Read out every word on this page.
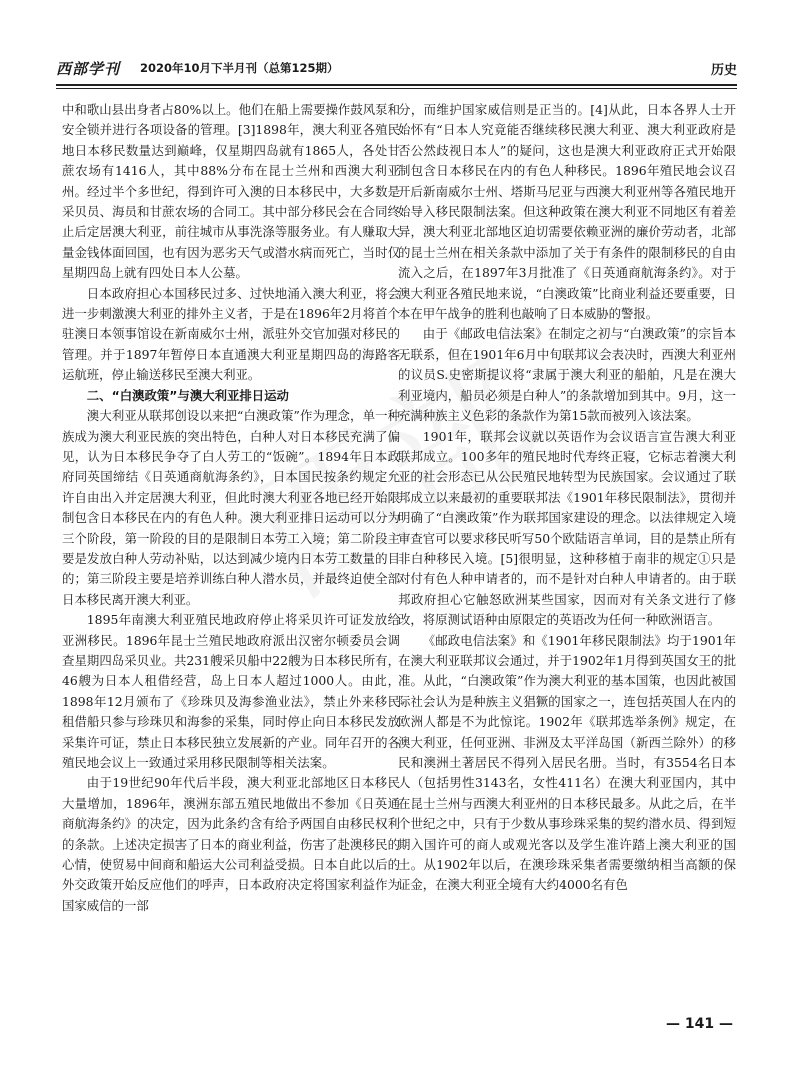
西部学刊 2020年10月下半月刊（总第125期）	历史

中和歌山县出身者占80%以上。他们在船上需要操作鼓风泵和安全锁并进行各项设备的管理。[3]1898年，澳大利亚各殖民地日本移民数量达到巅峰，仅星期四岛就有1865人，各处甘蔗农场有1416人，其中88%分布在昆士兰州和西澳大利亚州。经过半个多世纪，得到许可入澳的日本移民中，大多数是采贝员、海员和甘蔗农场的合同工。其中部分移民会在合同终止后定居澳大利亚，前往城市从事洗涤等服务业。有人赚取大量金钱体面回国，也有因为恶劣天气或潜水病而死亡，当时仅星期四岛上就有四处日本人公墓。

日本政府担心本国移民过多、过快地涌入澳大利亚，将会进一步刺激澳大利亚的排外主义者，于是在1896年2月将首个驻澳日本领事馆设在新南威尔士州，派驻外交官加强对移民的管理。并于1897年暂停日本直通澳大利亚星期四岛的海路客运航班，停止输送移民至澳大利亚。

二、“白澳政策”与澳大利亚排日运动

澳大利亚从联邦创设以来把“白澳政策”作为理念，单一种族成为澳大利亚民族的突出特色，白种人对日本移民充满了偏见，认为日本移民争夺了白人劳工的“饭碗”。1894年日本政府同英国缔结《日英通商航海条约》，日本国民按条约规定允许自由出入并定居澳大利亚，但此时澳大利亚各地已经开始限制包含日本移民在内的有色人种。澳大利亚排日运动可以分为三个阶段，第一阶段的目的是限制日本劳工入境；第二阶段主要是发放白种人劳动补贴，以达到减少境内日本劳工数量的目的；第三阶段主要是培养训练白种人潜水员，并最终迫使全部日本移民离开澳大利亚。

1895年南澳大利亚殖民地政府停止将采贝许可证发放给亚洲移民。1896年昆士兰殖民地政府派出汉密尔顿委员会调查星期四岛采贝业。共231艘采贝船中22艘为日本移民所有，46艘为日本人租借经营，岛上日本人超过1000人。由此，1898年12月颁布了《珍珠贝及海参渔业法》，禁止外来移民租借船只参与珍珠贝和海参的采集，同时停止向日本移民发放采集许可证，禁止日本移民独立发展新的产业。同年召开的各殖民地会议上一致通过采用移民限制等相关法案。

由于19世纪90年代后半段，澳大利亚北部地区日本移民大量增加，1896年，澳洲东部五殖民地做出不参加《日英通商航海条约》的决定，因为此条约含有给予两国自由移民权利的条款。上述决定损害了日本的商业利益，伤害了赴澳移民的心情，使贸易中间商和船运大公司利益受损。日本自此以后的外交政策开始反应他们的呼声，日本政府决定将国家利益作为国家威信的一部

分，而维护国家威信则是正当的。[4]从此，日本各界人士开始怀有“日本人究竟能否继续移民澳大利亚、澳大利亚政府是否公然歧视日本人”的疑问，这也是澳大利亚政府正式开始限制包含日本移民在内的有色人种移民。1896年殖民地会议召开后新南威尔士州、塔斯马尼亚与西澳大利亚州等各殖民地开始导入移民限制法案。但这种政策在澳大利亚不同地区有着差异，澳大利亚北部地区迫切需要依赖亚洲的廉价劳动者，北部的昆士兰州在相关条款中添加了关于有条件的限制移民的自由流入之后，在1897年3月批准了《日英通商航海条约》。对于澳大利亚各殖民地来说，“白澳政策”比商业利益还要重要，日本在甲午战争的胜利也敲响了日本威胁的警报。

由于《邮政电信法案》在制定之初与“白澳政策”的宗旨本无联系，但在1901年6月中旬联邦议会表决时，西澳大利亚州的议员S.史密斯提议将“隶属于澳大利亚的船舶，凡是在澳大利亚境内，船员必须是白种人”的条款增加到其中。9月，这一充满种族主义色彩的条款作为第15款而被列入该法案。

1901年，联邦会议就以英语作为会议语言宣告澳大利亚联邦成立。100多年的殖民地时代寿终正寝，它标志着澳大利亚的社会形态已从公民殖民地转型为民族国家。会议通过了联邦成立以来最初的重要联邦法《1901年移民限制法》，贯彻并明确了“白澳政策”作为联邦国家建设的理念。以法律规定入境审查官可以要求移民听写50个欧陆语言单词，目的是禁止所有非白种移民入境。[5]很明显，这种移植于南非的规定①只是对付有色人种申请者的，而不是针对白种人申请者的。由于联邦政府担心它触怒欧洲某些国家，因而对有关条文进行了修改，将原测试语种由原限定的英语改为任何一种欧洲语言。

《邮政电信法案》和《1901年移民限制法》均于1901年在澳大利亚联邦议会通过，并于1902年1月得到英国女王的批准。从此，“白澳政策”作为澳大利亚的基本国策，也因此被国际社会认为是种族主义猖獗的国家之一，连包括英国人在内的欧洲人都是不为此惊诧。1902年《联邦选举条例》规定，在澳大利亚，任何亚洲、非洲及太平洋岛国（新西兰除外）的移民和澳洲土著居民不得列入居民名册。当时，有3554名日本人（包括男性3143名，女性411名）在澳大利亚国内，其中在昆士兰州与西澳大利亚州的日本移民最多。从此之后，在半个世纪之中，只有于少数从事珍珠采集的契约潜水员、得到短期入国许可的商人或观光客以及学生准许踏上澳大利亚的国土。从1902年以后，在澳珍珠采集者需要缴纳相当高额的保证金，在澳大利亚全境有大约4000名有色

— 141 —
